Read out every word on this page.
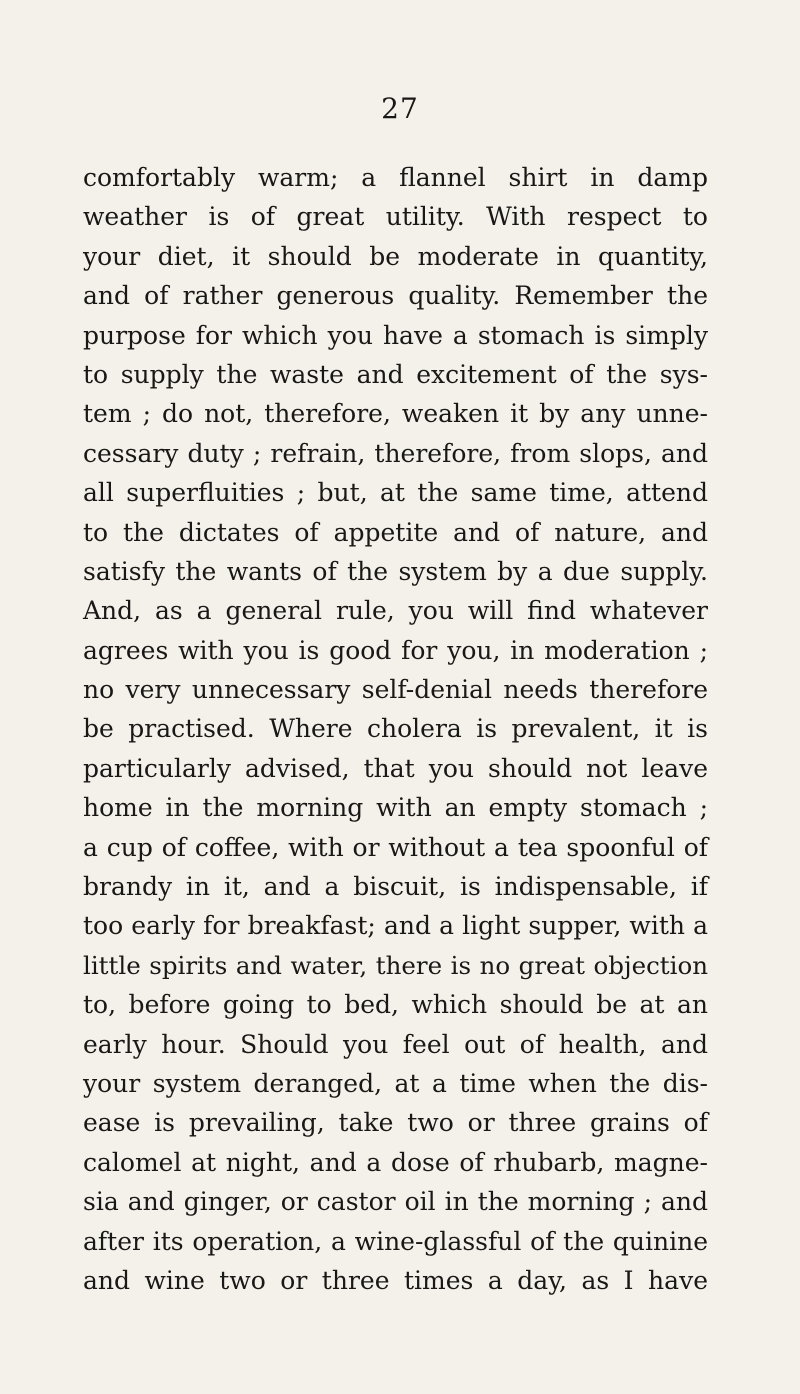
27
comfortably warm; a flannel shirt in damp
weather is of great utility. With respect to
your diet, it should be moderate in quantity,
and of rather generous quality. Remember the
purpose for which you have a stomach is simply
to supply the waste and excitement of the sys-
tem ; do not, therefore, weaken it by any unne-
cessary duty ; refrain, therefore, from slops, and
all superfluities ; but, at the same time, attend
to the dictates of appetite and of nature, and
satisfy the wants of the system by a due supply.
And, as a general rule, you will find whatever
agrees with you is good for you, in moderation ;
no very unnecessary self-denial needs therefore
be practised. Where cholera is prevalent, it is
particularly advised, that you should not leave
home in the morning with an empty stomach ;
a cup of coffee, with or without a tea spoonful of
brandy in it, and a biscuit, is indispensable, if
too early for breakfast; and a light supper, with a
little spirits and water, there is no great objection
to, before going to bed, which should be at an
early hour. Should you feel out of health, and
your system deranged, at a time when the dis-
ease is prevailing, take two or three grains of
calomel at night, and a dose of rhubarb, magne-
sia and ginger, or castor oil in the morning ; and
after its operation, a wine-glassful of the quinine
and wine two or three times a day, as I have
